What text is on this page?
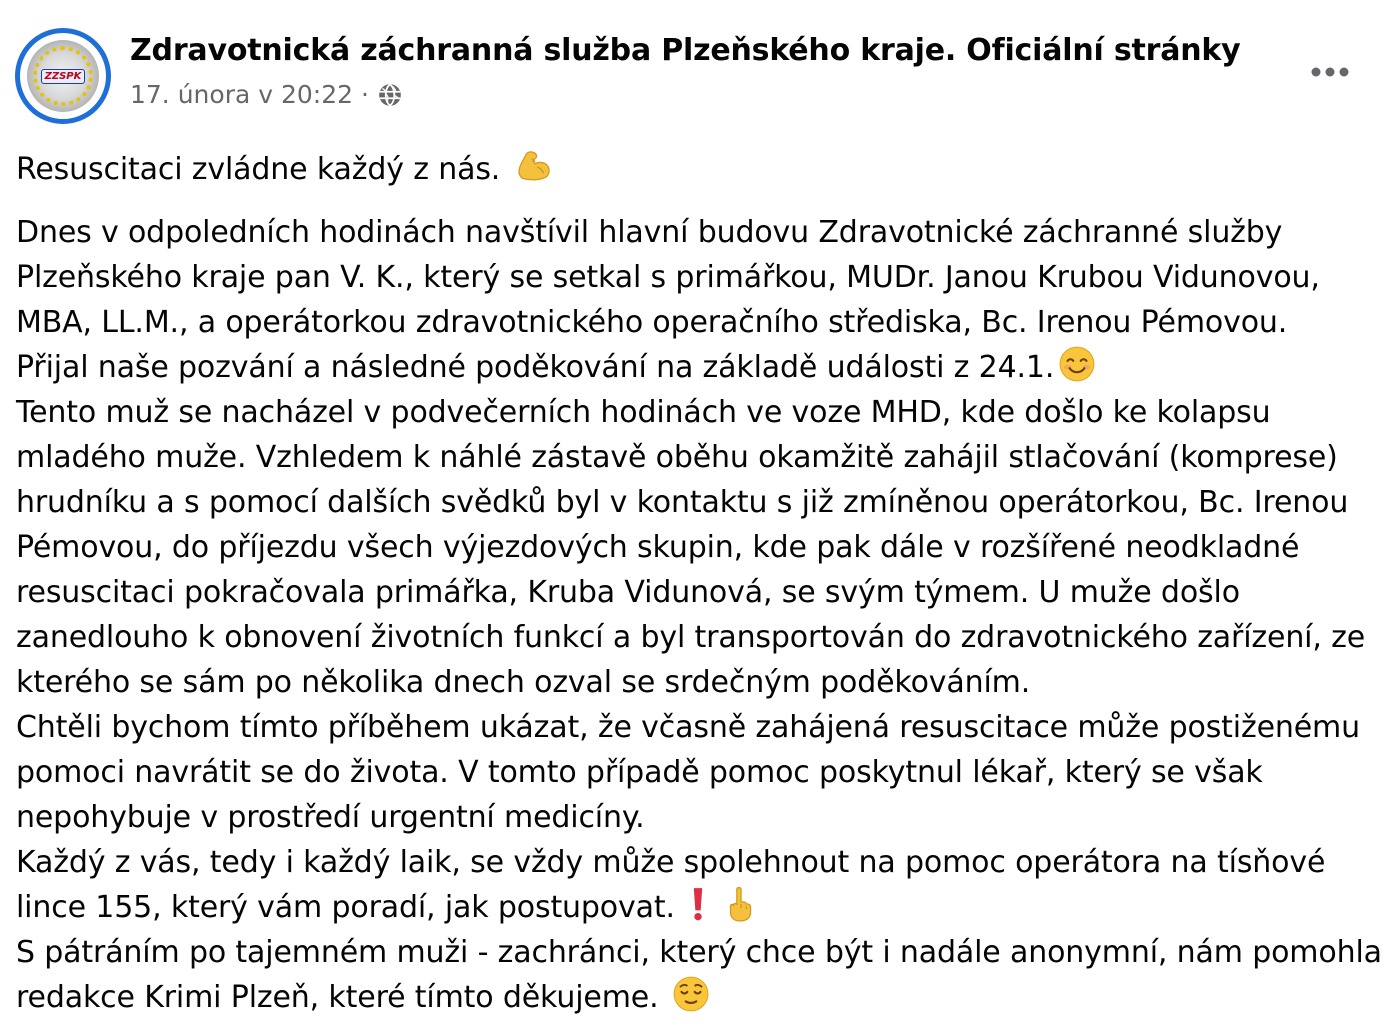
ZZSPK
Zdravotnická záchranná služba Plzeňského kraje. Oficiální stránky
17. února v 20:22 ·

Resuscitaci zvládne každý z nás.

Dnes v odpoledních hodinách navštívil hlavní budovu Zdravotnické záchranné služby
Plzeňského kraje pan V. K., který se setkal s primářkou, MUDr. Janou Krubou Vidunovou,
MBA, LL.M., a operátorkou zdravotnického operačního střediska, Bc. Irenou Pémovou.
Přijal naše pozvání a následné poděkování na základě události z 24.1.

Tento muž se nacházel v podvečerních hodinách ve voze MHD, kde došlo ke kolapsu
mladého muže. Vzhledem k náhlé zástavě oběhu okamžitě zahájil stlačování (komprese)
hrudníku a s pomocí dalších svědků byl v kontaktu s již zmíněnou operátorkou, Bc. Irenou
Pémovou, do příjezdu všech výjezdových skupin, kde pak dále v rozšířené neodkladné
resuscitaci pokračovala primářka, Kruba Vidunová, se svým týmem. U muže došlo
zanedlouho k obnovení životních funkcí a byl transportován do zdravotnického zařízení, ze
kterého se sám po několika dnech ozval se srdečným poděkováním.

Chtěli bychom tímto příběhem ukázat, že včasně zahájená resuscitace může postiženému
pomoci navrátit se do života. V tomto případě pomoc poskytnul lékař, který se však
nepohybuje v prostředí urgentní medicíny.

Každý z vás, tedy i každý laik, se vždy může spolehnout na pomoc operátora na tísňové
lince 155, který vám poradí, jak postupovat.

S pátráním po tajemném muži - zachránci, který chce být i nadále anonymní, nám pomohla
redakce Krimi Plzeň, které tímto děkujeme.
